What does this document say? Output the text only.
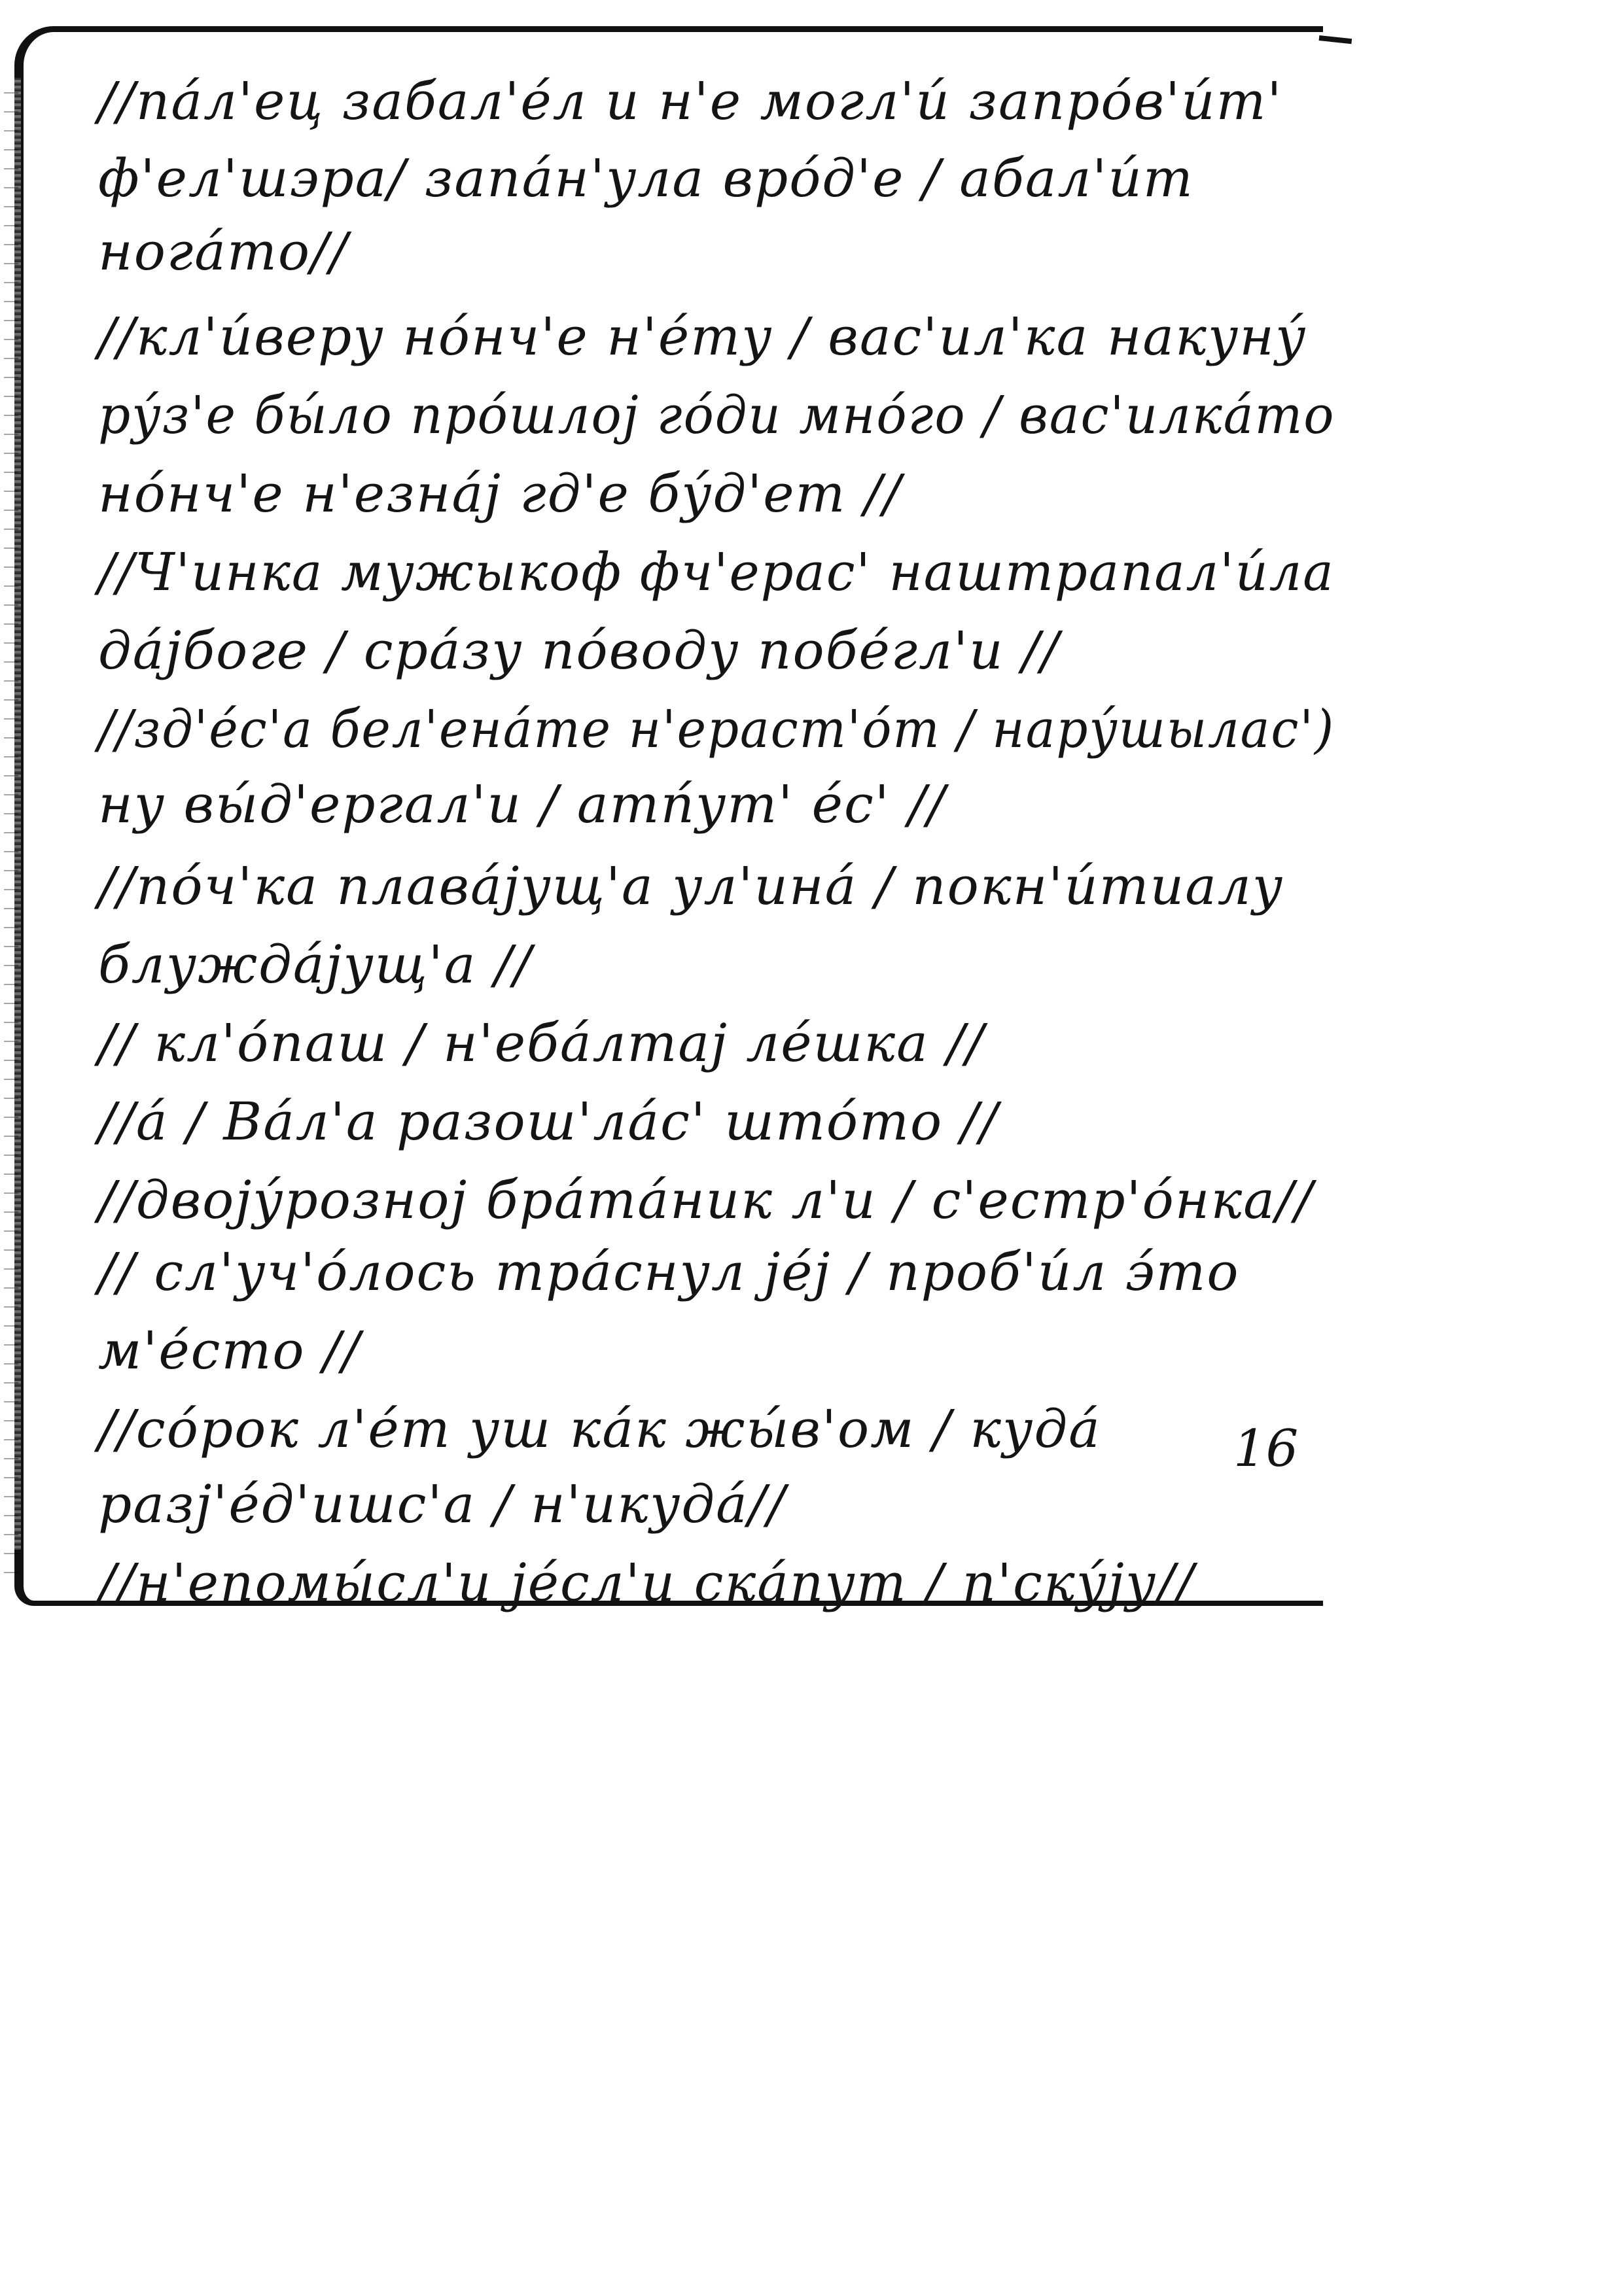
//па́л'ец забал'е́л и н'е могл'и́ запро́в'и́т'

ф'ел'шэра/ запа́н'ула вро́д'е / абал'и́т

нога́то//

//кл'и́веру но́нч'е н'е́ту / вас'ил'ка накуну́

ру́з'е бы́ло про́шлој го́ди мно́го / вас'илка́то

но́нч'е н'езна́ј гд'е бу́д'ет //

//Ч'инка мужыкоф фч'ерас' наштрапал'и́ла

да́јбоге / сра́зу по́воду побе́гл'и //

//зд'е́с'а бел'ена́те н'ераст'о́т / нару́шылас')

ну вы́д'ергал'и / атп́ут' е́с' //

//по́ч'ка плава́јущ'а ул'ина́ / покн'и́тиалу

блужда́јущ'а //

// кл'о́паш / н'еба́лтај ле́шка //

//а́ / Ва́л'а разош'ла́с' што́то //

//двоју́розној бра́та́ник л'и / с'естр'о́нка//

// сл'уч'о́лось тра́снул је́ј / проб'и́л э́то

м'е́сто //

//со́рок л'е́т уш ка́к жы́в'ом / куда́

разј'е́д'ишс'а / н'икуда́//

//н'епомы́сл'и је́сл'и ска́пут / п'ску́ју//

16
